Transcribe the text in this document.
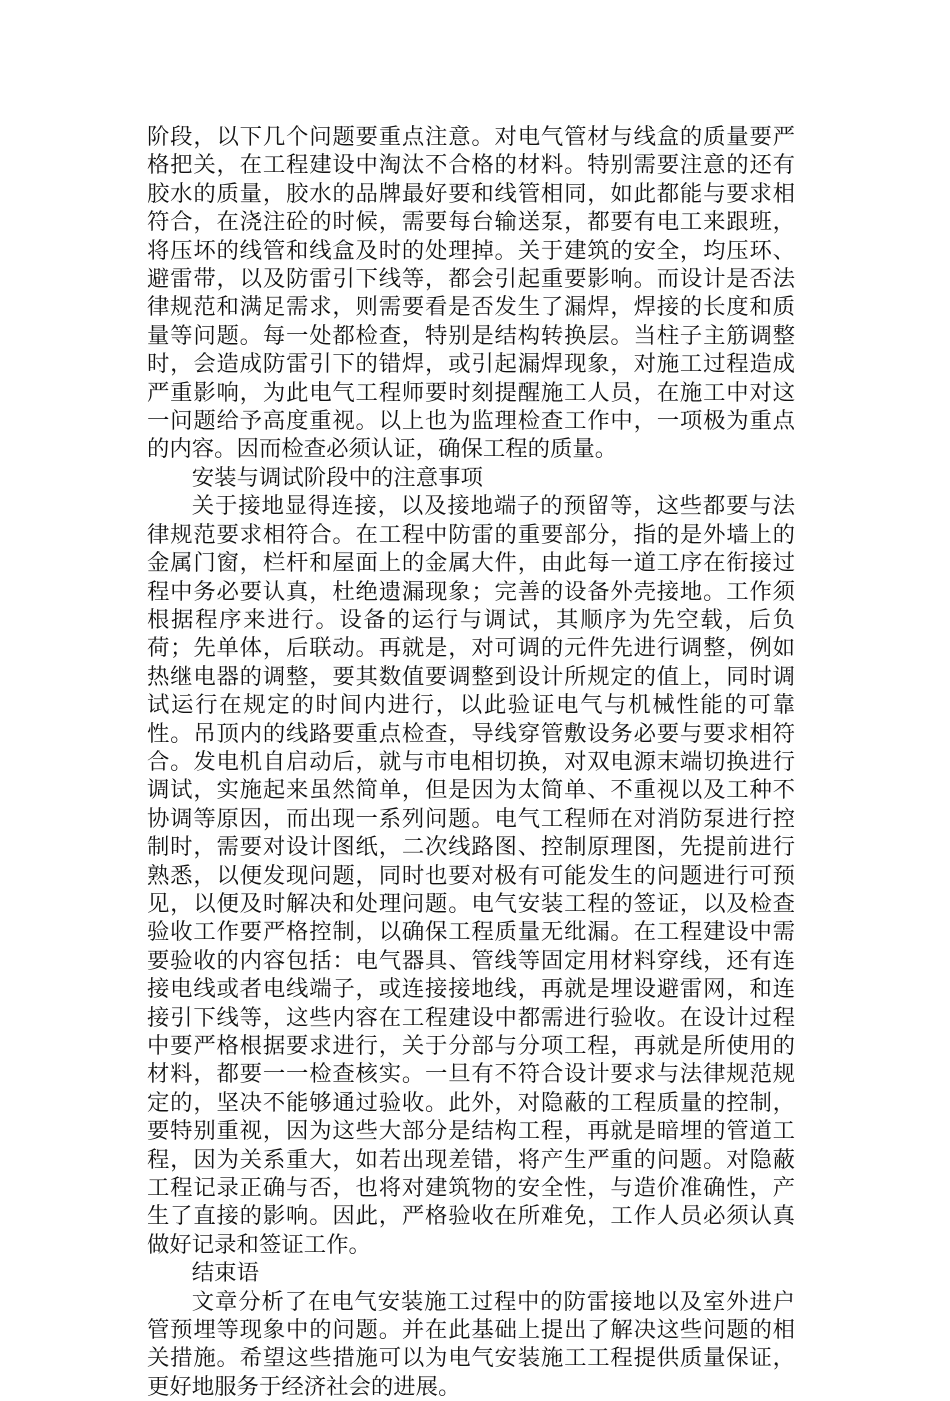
阶段，以下几个问题要重点注意。对电气管材与线盒的质量要严格把关，在工程建设中淘汰不合格的材料。特别需要注意的还有胶水的质量，胶水的品牌最好要和线管相同，如此都能与要求相符合，在浇注砼的时候，需要每台输送泵，都要有电工来跟班，将压坏的线管和线盒及时的处理掉。关于建筑的安全，均压环、避雷带，以及防雷引下线等，都会引起重要影响。而设计是否法律规范和满足需求，则需要看是否发生了漏焊，焊接的长度和质量等问题。每一处都检查，特别是结构转换层。当柱子主筋调整时，会造成防雷引下的错焊，或引起漏焊现象，对施工过程造成严重影响，为此电气工程师要时刻提醒施工人员，在施工中对这一问题给予高度重视。以上也为监理检查工作中，一项极为重点的内容。因而检查必须认证，确保工程的质量。

安装与调试阶段中的注意事项

关于接地显得连接，以及接地端子的预留等，这些都要与法律规范要求相符合。在工程中防雷的重要部分，指的是外墙上的金属门窗，栏杆和屋面上的金属大件，由此每一道工序在衔接过程中务必要认真，杜绝遗漏现象；完善的设备外壳接地。工作须根据程序来进行。设备的运行与调试，其顺序为先空载，后负荷；先单体，后联动。再就是，对可调的元件先进行调整，例如热继电器的调整，要其数值要调整到设计所规定的值上，同时调试运行在规定的时间内进行，以此验证电气与机械性能的可靠性。吊顶内的线路要重点检查，导线穿管敷设务必要与要求相符合。发电机自启动后，就与市电相切换，对双电源末端切换进行调试，实施起来虽然简单，但是因为太简单、不重视以及工种不协调等原因，而出现一系列问题。电气工程师在对消防泵进行控制时，需要对设计图纸，二次线路图、控制原理图，先提前进行熟悉，以便发现问题，同时也要对极有可能发生的问题进行可预见，以便及时解决和处理问题。电气安装工程的签证，以及检查验收工作要严格控制，以确保工程质量无纰漏。在工程建设中需要验收的内容包括：电气器具、管线等固定用材料穿线，还有连接电线或者电线端子，或连接接地线，再就是埋设避雷网，和连接引下线等，这些内容在工程建设中都需进行验收。在设计过程中要严格根据要求进行，关于分部与分项工程，再就是所使用的材料，都要一一检查核实。一旦有不符合设计要求与法律规范规定的，坚决不能够通过验收。此外，对隐蔽的工程质量的控制，要特别重视，因为这些大部分是结构工程，再就是暗埋的管道工程，因为关系重大，如若出现差错，将产生严重的问题。对隐蔽工程记录正确与否，也将对建筑物的安全性，与造价准确性，产生了直接的影响。因此，严格验收在所难免，工作人员必须认真做好记录和签证工作。

结束语

文章分析了在电气安装施工过程中的防雷接地以及室外进户管预埋等现象中的问题。并在此基础上提出了解决这些问题的相关措施。希望这些措施可以为电气安装施工工程提供质量保证，更好地服务于经济社会的进展。
